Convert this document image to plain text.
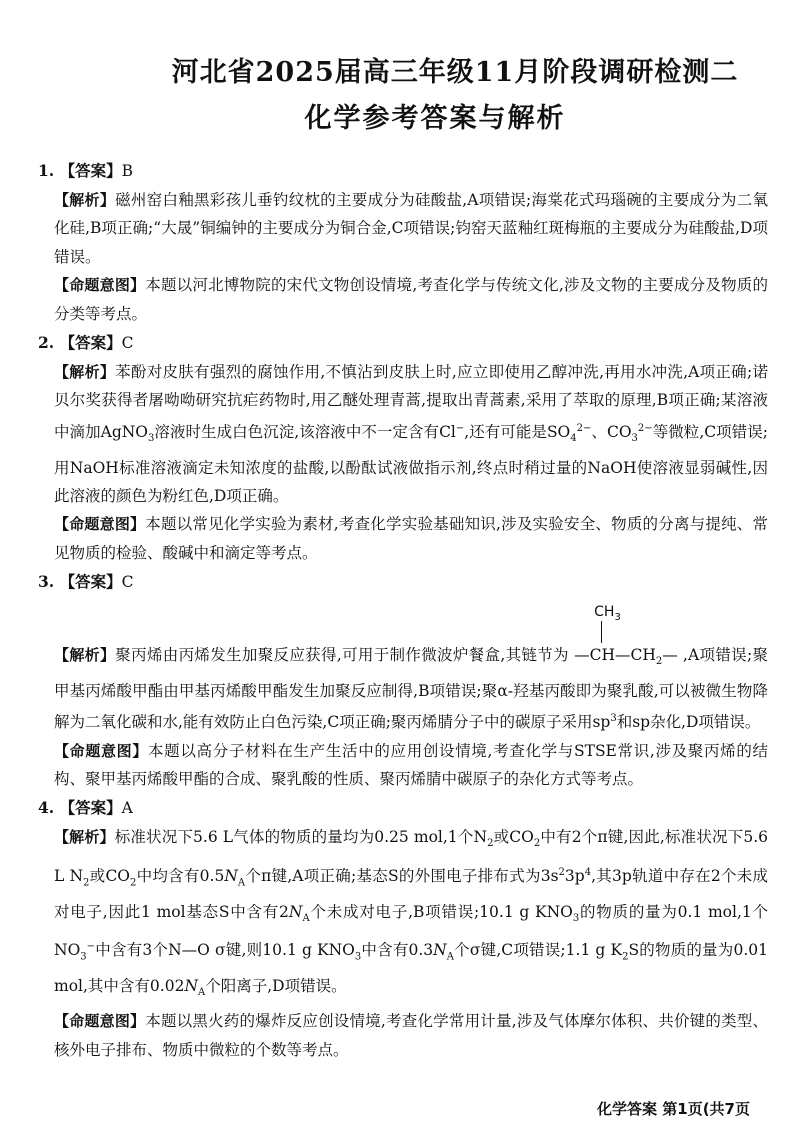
河北省2025届高三年级11月阶段调研检测二
化学参考答案与解析
1. 【答案】B
【解析】磁州窑白釉黑彩孩儿垂钓纹枕的主要成分为硅酸盐,A项错误;海棠花式玛瑙碗的主要成分为二氧化硅,B项正确;“大晟”铜编钟的主要成分为铜合金,C项错误;钧窑天蓝釉红斑梅瓶的主要成分为硅酸盐,D项错误。
【命题意图】本题以河北博物院的宋代文物创设情境,考查化学与传统文化,涉及文物的主要成分及物质的分类等考点。
2. 【答案】C
【解析】苯酚对皮肤有强烈的腐蚀作用,不慎沾到皮肤上时,应立即使用乙醇冲洗,再用水冲洗,A项正确;诺贝尔奖获得者屠呦呦研究抗疟药物时,用乙醚处理青蒿,提取出青蒿素,采用了萃取的原理,B项正确;某溶液中滴加AgNO$_3$溶液时生成白色沉淀,该溶液中不一定含有Cl−,还有可能是$SO_4^{2-}$、$CO_3^{2-}$等微粒,C项错误;用NaOH标准溶液滴定未知浓度的盐酸,以酚酞试液做指示剂,终点时稍过量的NaOH使溶液显弱碱性,因此溶液的颜色为粉红色,D项正确。
【命题意图】本题以常见化学实验为素材,考查化学实验基础知识,涉及实验安全、物质的分离与提纯、常见物质的检验、酸碱中和滴定等考点。
3. 【答案】C
$CH_3$
【解析】聚丙烯由丙烯发生加聚反应获得,可用于制作微波炉餐盒,其链节为 $—CH—CH_2—$ ,A项错误;聚甲基丙烯酸甲酯由甲基丙烯酸甲酯发生加聚反应制得,B项错误;聚α-羟基丙酸即为聚乳酸,可以被微生物降解为二氧化碳和水,能有效防止白色污染,C项正确;聚丙烯腈分子中的碳原子采用$sp^3$和sp杂化,D项错误。
【命题意图】本题以高分子材料在生产生活中的应用创设情境,考查化学与STSE常识,涉及聚丙烯的结构、聚甲基丙烯酸甲酯的合成、聚乳酸的性质、聚丙烯腈中碳原子的杂化方式等考点。
4. 【答案】A
【解析】标准状况下5.6 L气体的物质的量均为0.25 mol,1个$N_2$或$CO_2$中有2个π键,因此,标准状况下5.6 L $N_2$或$CO_2$中均含有$0.5N_A$个π键,A项正确;基态S的外围电子排布式为$3s^23p^4$,其3p轨道中存在2个未成对电子,因此1 mol基态S中含有$2N_A$个未成对电子,B项错误;10.1 g $KNO_3$的物质的量为0.1 mol,1个$NO_3^-$中含有3个N—O σ键,则10.1 g $KNO_3$中含有$0.3N_A$个σ键,C项错误;1.1 g $K_2S$的物质的量为0.01 mol,其中含有$0.02N_A$个阳离子,D项错误。
【命题意图】本题以黑火药的爆炸反应创设情境,考查化学常用计量,涉及气体摩尔体积、共价键的类型、核外电子排布、物质中微粒的个数等考点。
化学答案 第1页(共7页
